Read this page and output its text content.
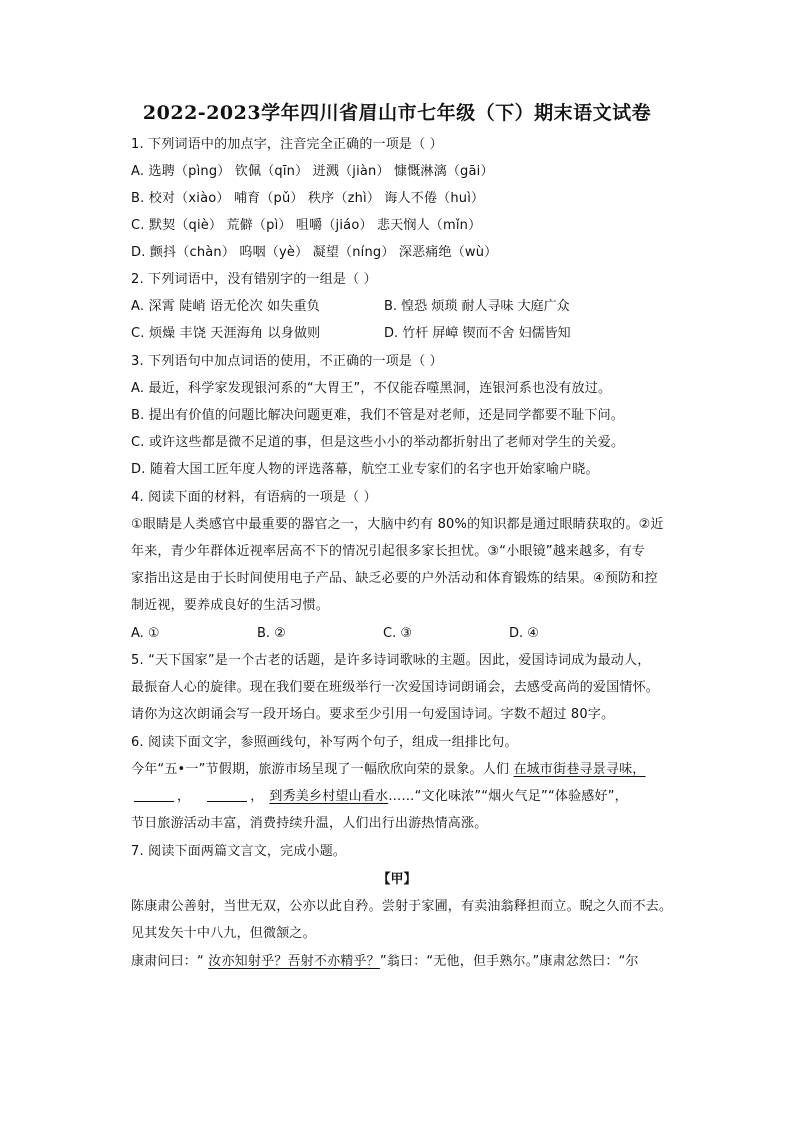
2022-2023学年四川省眉山市七年级（下）期末语文试卷
1. 下列词语中的加点字，注音完全正确的一项是（ ）
A. 选聘（pìng） 钦佩（qīn） 迸溅（jiàn） 慷慨淋漓（gāi）
B. 校对（xiào） 哺育（pǔ） 秩序（zhì） 诲人不倦（huì）
C. 默契（qiè） 荒僻（pì） 咀嚼（jiáo） 悲天悯人（mǐn）
D. 颤抖（chàn） 呜咽（yè） 凝望（níng） 深恶痛绝（wù）
2. 下列词语中，没有错别字的一组是（ ）
A. 深霄 陡峭 语无伦次 如失重负	B. 惶恐 烦琐 耐人寻味 大庭广众
C. 烦燥 丰饶 天涯海角 以身做则	D. 竹杆 屏嶂 锲而不舍 妇儒皆知
3. 下列语句中加点词语的使用，不正确的一项是（ ）
A. 最近，科学家发现银河系的“大胃王”，不仅能吞噬黑洞，连银河系也没有放过。
B. 提出有价值的问题比解决问题更难，我们不管是对老师，还是同学都要不耻下问。
C. 或许这些都是微不足道的事，但是这些小小的举动都折射出了老师对学生的关爱。
D. 随着大国工匠年度人物的评选落幕，航空工业专家们的名字也开始家喻户晓。
4. 阅读下面的材料，有语病的一项是（ ）
①眼睛是人类感官中最重要的器官之一，大脑中约有 80%的知识都是通过眼睛获取的。②近
年来，青少年群体近视率居高不下的情况引起很多家长担忧。③“小眼镜”越来越多，有专
家指出这是由于长时间使用电子产品、缺乏必要的户外活动和体育锻炼的结果。④预防和控
制近视，要养成良好的生活习惯。
A. ①	B. ②	C. ③	D. ④
5. “天下国家”是一个古老的话题，是许多诗词歌咏的主题。因此，爱国诗词成为最动人，
最振奋人心的旋律。现在我们要在班级举行一次爱国诗词朗诵会，去感受高尚的爱国情怀。
请你为这次朗诵会写一段开场白。要求至少引用一句爱国诗词。字数不超过 80字。
6. 阅读下面文字，参照画线句，补写两个句子，组成一组排比句。
今年“五•一”节假期，旅游市场呈现了一幅欣欣向荣的景象。人们 在城市街巷寻景寻味，
，	， 到秀美乡村望山看水……“文化味浓”“烟火气足”“体验感好”，
节日旅游活动丰富，消费持续升温，人们出行出游热情高涨。
7. 阅读下面两篇文言文，完成小题。
【甲】
陈康肃公善射，当世无双，公亦以此自矜。尝射于家圃，有卖油翁释担而立。睨之久而不去。
见其发矢十中八九，但微颔之。
康肃问曰：“ 汝亦知射乎？吾射不亦精乎？”翁曰：“无他，但手熟尔。”康肃忿然曰：“尔
